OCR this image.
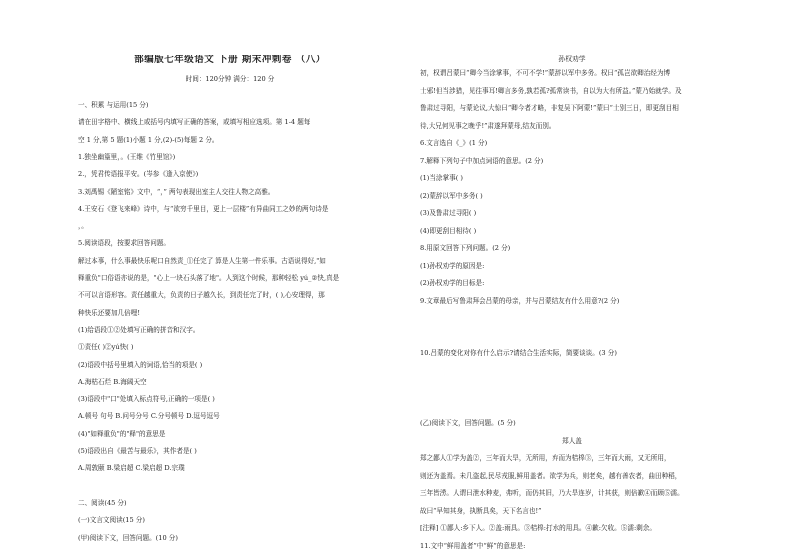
部编版七年级语文 下册 期末冲刺卷 （八）
时间：120分钟 满分：120 分
一、积累 与运用(15 分)
请在田字格中、横线上或括号内填写正确的答案，或填写相应选项。第 1-4 题每
空 1 分,第 5 题(1)小题 1 分,(2)-(5)每题 2 分。
1.独坐幽篁里，。(王维《竹里馆》)
2.，凭君传语报平安。(岑参《逢入京使》)
3.刘禹锡《陋室铭》文中，“，” 两句表现出室主人交往人物之高雅。
4.王安石《登飞来峰》诗中，与“欲穷千里目，更上一层楼”有异曲同工之妙的两句诗是
，。
5.阅读语段，按要求回答问题。
解过本事，什么事最快乐呢口自然责_①任完了 算是人生第一件乐事。古语说得好,"如
释重负"口俗语亦说的是，"心上一块石头落了地"。人到这个时候，那种轻松 yú_②快,真是
不可以言语形容。责任越重大，负责的日子越久长，到责任完了时，( ),心安理得，那
种快乐还要加几倍哩!
(1)给语段①②处填写正确的拼音和汉字。
①责任( )②yú快( )
(2)语段中括号里填入的词语,恰当的项是( )
A.海枯石烂 B.海阔天空
(3)语段中"口"处填入标点符号,正确的一项是( )
A.顿号 句号 B.问号分号 C.分号顿号 D.逗号逗号
(4)"如释重负"的"释"的意思是
(5)语段出自《最苦与最乐》，其作者是( )
A.周敦颐 B.梁启超 C.梁启超 D.宗璞
二、阅读(45 分)
(一)文言文阅读(15 分)
(甲)阅读下文，回答问题。(10 分)
孙权劝学
初，权谓吕蒙曰“卿今当涂掌事，不可不学!”蒙辞以军中多务。权曰“孤岂欲卿治经为博
士邪!但当涉猎，见往事耳!卿言多务,孰若孤?孤常读书，自以为大有所益。”蒙乃始就学。及
鲁肃过寻阳，与蒙论议,大惊曰“卿今者才略，非复吴下阿蒙!”蒙曰“士别三日，即更刮目相
待,大兄何见事之晚乎!”肃遂拜蒙母,结友而别。
6.文言选自《_》(1 分)
7.解释下列句子中加点词语的意思。(2 分)
(1)当涂掌事( )
(2)蒙辞以军中多务( )
(3)及鲁肃过寻阳( )
(4)即更刮目相待( )
8.用原文回答下列问题。(2 分)
(1)孙权劝学的原因是:
(2)孙权劝学的目标是:
9.文章最后写鲁肃拜会吕蒙的母亲，并与吕蒙结友有什么用意?(2 分)
10.吕蒙的变化对你有什么启示?请结合生活实际，简要谈谈。(3 分)
(乙)阅读下文，回答问题。(5 分)
郑人盖
郑之鄙人①学为盖②，三年而大旱，无所用，弃而为桔槔③，三年而大雨，又无所用，
则还为盖焉。未几盗起,民尽戎服,鲜用盖者。欲学为兵，则老矣，越有善农者，曲田种稻，
三年皆涝。人谓曰泄水种麦，弗听，而仍其旧，乃大旱连岁，计其获，则倍歉④而顾⑤濡。
故曰“早知其身，执断具矣，天下名言也!”
[注释] ①鄙人:乡下人。②盖:雨具。③桔槔:打水的用具。④歉:欠收。⑤濡:剩余。
11.文中“鲜用盖者”中“鲜”的意思是:
